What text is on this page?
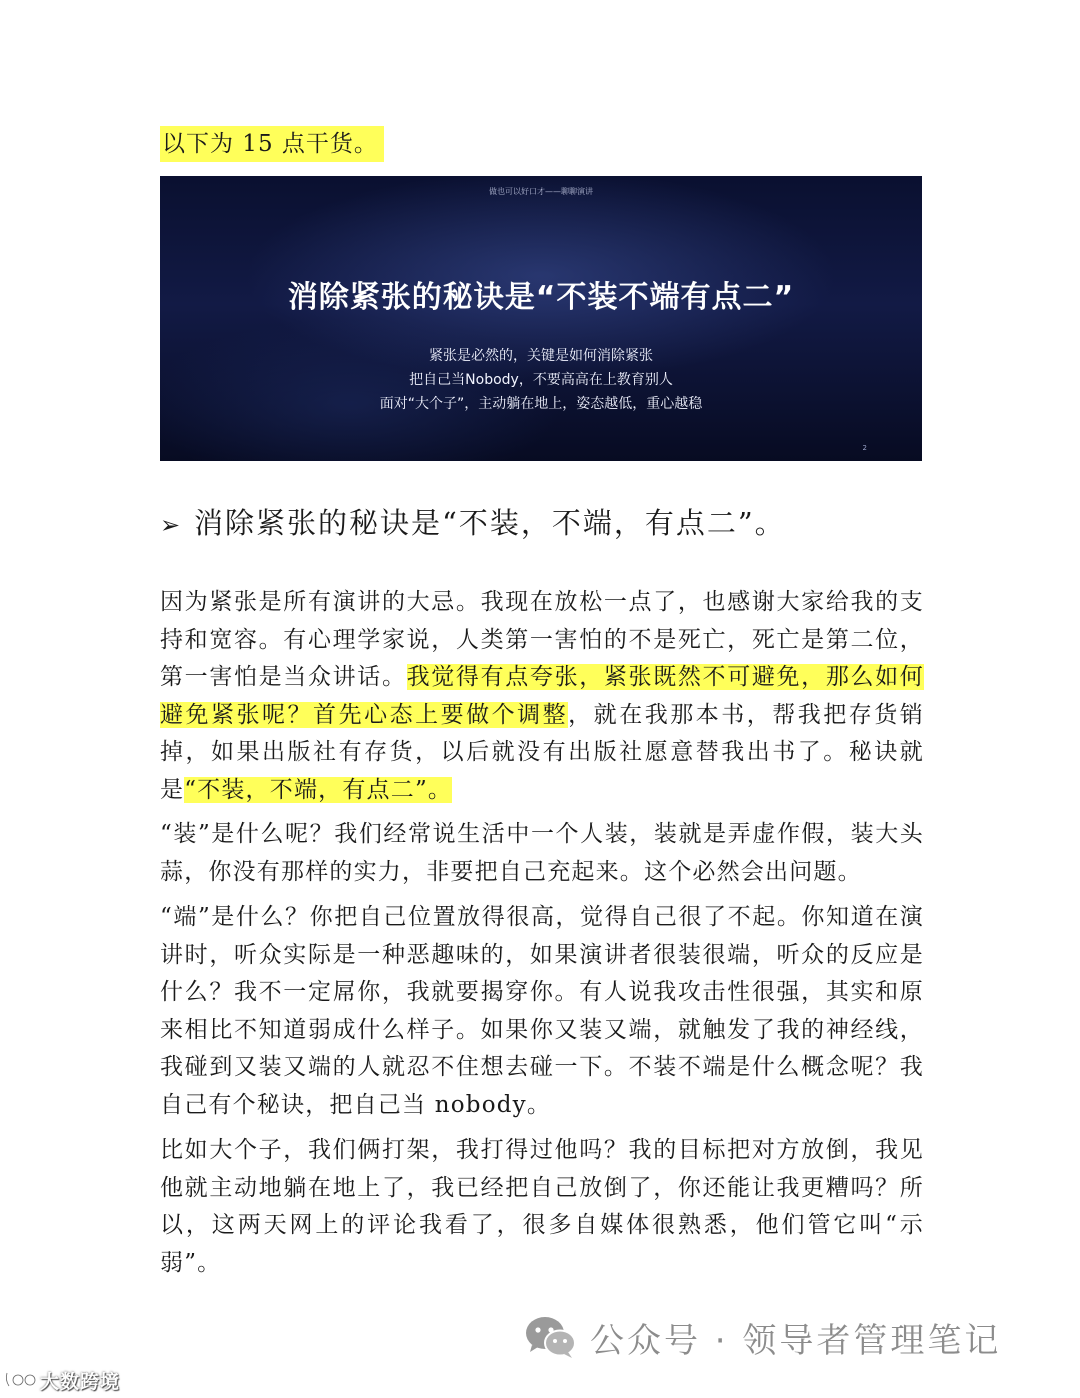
以下为 15 点干货。
做也可以好口才——聊聊演讲
消除紧张的秘诀是“不装不端有点二”
紧张是必然的，关键是如何消除紧张
把自己当Nobody，不要高高在上教育别人
面对“大个子”，主动躺在地上，姿态越低，重心越稳
2
➢ 消除紧张的秘诀是“不装，不端，有点二”。

因为紧张是所有演讲的大忌。我现在放松一点了，也感谢大家给我的支持和宽容。有心理学家说，人类第一害怕的不是死亡，死亡是第二位，第一害怕是当众讲话。我觉得有点夸张，紧张既然不可避免，那么如何避免紧张呢？首先心态上要做个调整，就在我那本书，帮我把存货销掉，如果出版社有存货，以后就没有出版社愿意替我出书了。秘诀就是“不装，不端，有点二”。

“装”是什么呢？我们经常说生活中一个人装，装就是弄虚作假，装大头蒜，你没有那样的实力，非要把自己充起来。这个必然会出问题。

“端”是什么？你把自己位置放得很高，觉得自己很了不起。你知道在演讲时，听众实际是一种恶趣味的，如果演讲者很装很端，听众的反应是什么？我不一定屌你，我就要揭穿你。有人说我攻击性很强，其实和原来相比不知道弱成什么样子。如果你又装又端，就触发了我的神经线，我碰到又装又端的人就忍不住想去碰一下。不装不端是什么概念呢？我自己有个秘诀，把自己当 nobody。

比如大个子，我们俩打架，我打得过他吗？我的目标把对方放倒，我见他就主动地躺在地上了，我已经把自己放倒了，你还能让我更糟吗？所以，这两天网上的评论我看了，很多自媒体很熟悉，他们管它叫“示弱”。

公众号 · 领导者管理笔记
大数跨境
